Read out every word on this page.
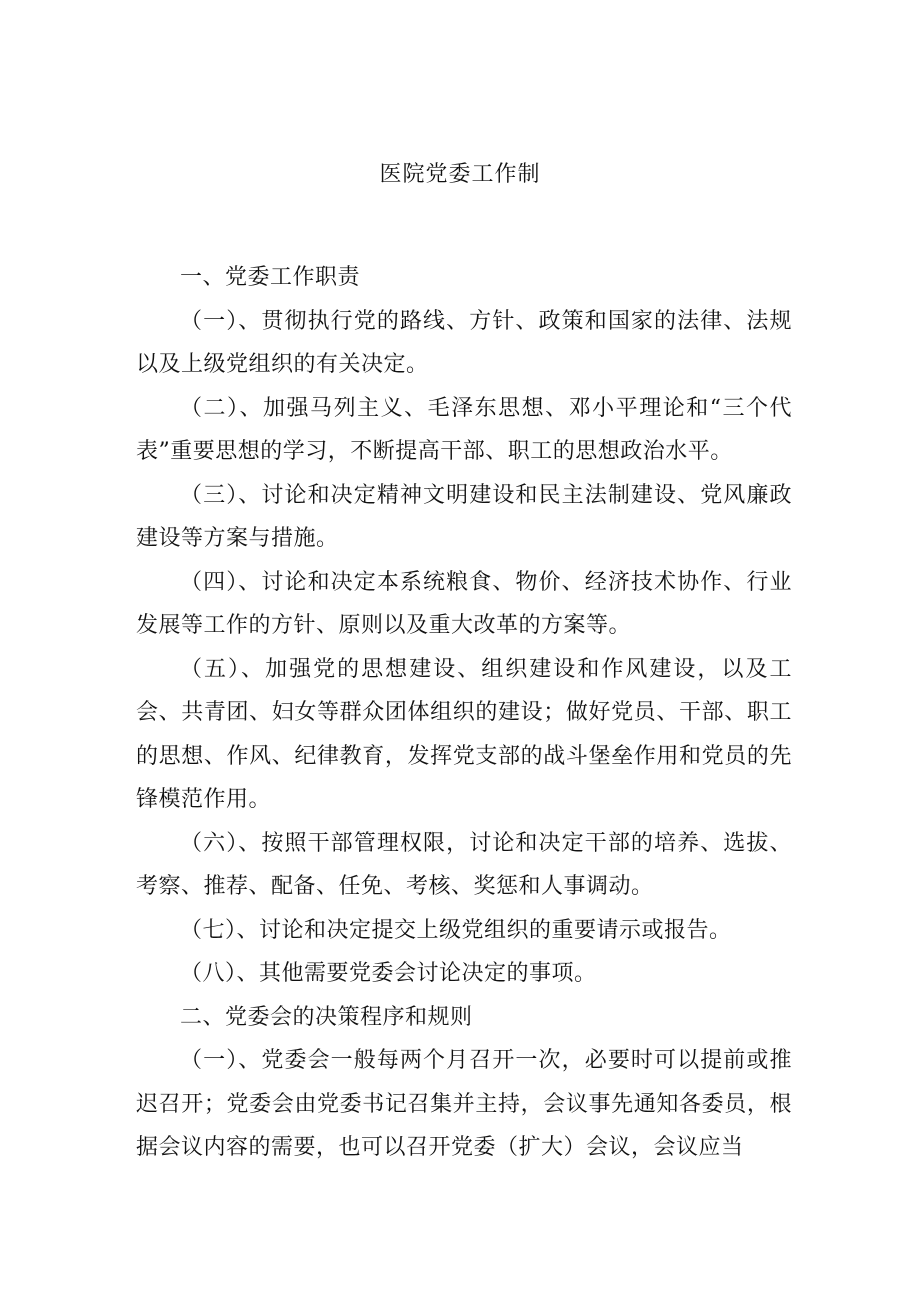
医院党委工作制

一、党委工作职责

（一）、贯彻执行党的路线、方针、政策和国家的法律、法规以及上级党组织的有关决定。

（二）、加强马列主义、毛泽东思想、邓小平理论和“三个代表”重要思想的学习，不断提高干部、职工的思想政治水平。

（三）、讨论和决定精神文明建设和民主法制建设、党风廉政建设等方案与措施。

（四）、讨论和决定本系统粮食、物价、经济技术协作、行业发展等工作的方针、原则以及重大改革的方案等。

（五）、加强党的思想建设、组织建设和作风建设，以及工会、共青团、妇女等群众团体组织的建设；做好党员、干部、职工的思想、作风、纪律教育，发挥党支部的战斗堡垒作用和党员的先锋模范作用。

（六）、按照干部管理权限，讨论和决定干部的培养、选拔、考察、推荐、配备、任免、考核、奖惩和人事调动。

（七）、讨论和决定提交上级党组织的重要请示或报告。

（八）、其他需要党委会讨论决定的事项。

二、党委会的决策程序和规则

（一）、党委会一般每两个月召开一次，必要时可以提前或推迟召开；党委会由党委书记召集并主持，会议事先通知各委员，根据会议内容的需要，也可以召开党委（扩大）会议，会议应当
